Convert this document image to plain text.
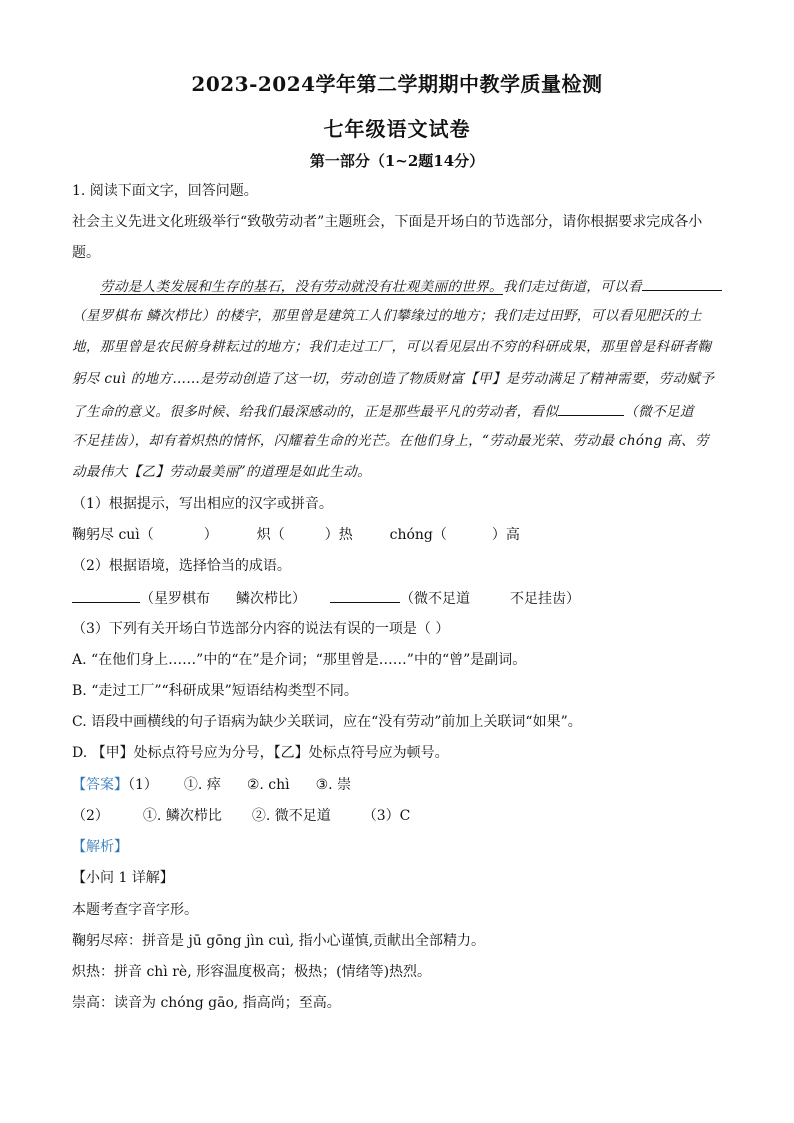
2023-2024学年第二学期期中教学质量检测
七年级语文试卷
第一部分（1~2题14分）
1. 阅读下面文字，回答问题。
社会主义先进文化班级举行“致敬劳动者”主题班会，下面是开场白的节选部分，请你根据要求完成各小
题。
劳动是人类发展和生存的基石，没有劳动就没有壮观美丽的世界。我们走过街道，可以看
（星罗棋布 鳞次栉比）的楼宇，那里曾是建筑工人们攀缘过的地方；我们走过田野，可以看见肥沃的土
地，那里曾是农民俯身耕耘过的地方；我们走过工厂，可以看见层出不穷的科研成果，那里曾是科研者鞠
躬尽 cuì 的地方……是劳动创造了这一切，劳动创造了物质财富【甲】是劳动满足了精神需要，劳动赋予
了生命的意义。很多时候、给我们最深感动的，正是那些最平凡的劳动者，看似	（微不足道
不足挂齿），却有着炽热的情怀，闪耀着生命的光芒。在他们身上，“劳动最光荣、劳动最 chóng 高、劳
动最伟大【乙】劳动最美丽”的道理是如此生动。
（1）根据提示，写出相应的汉字或拼音。
鞠躬尽 cuì（	）	炽（	）热	chóng（	）高
（2）根据语境，选择恰当的成语。
（星罗棋布 鳞次栉比）	（微不足道	不足挂齿）
（3）下列有关开场白节选部分内容的说法有误的一项是（ ）
A. “在他们身上……”中的“在”是介词；“那里曾是……”中的“曾”是副词。
B. “走过工厂”“科研成果”短语结构类型不同。
C. 语段中画横线的句子语病为缺少关联词，应在“没有劳动”前加上关联词“如果”。
D. 【甲】处标点符号应为分号，【乙】处标点符号应为顿号。
【答案】（1） ①. 瘁 ②. chì ③. 崇
（2） ①. 鳞次栉比 ②. 微不足道 （3）C
【解析】
【小问 1 详解】
本题考查字音字形。
鞠躬尽瘁：拼音是 jū gōng jìn cuì, 指小心谨慎,贡献出全部精力。
炽热：拼音 chì rè, 形容温度极高；极热；(情绪等)热烈。
崇高：读音为 chóng gāo, 指高尚；至高。
